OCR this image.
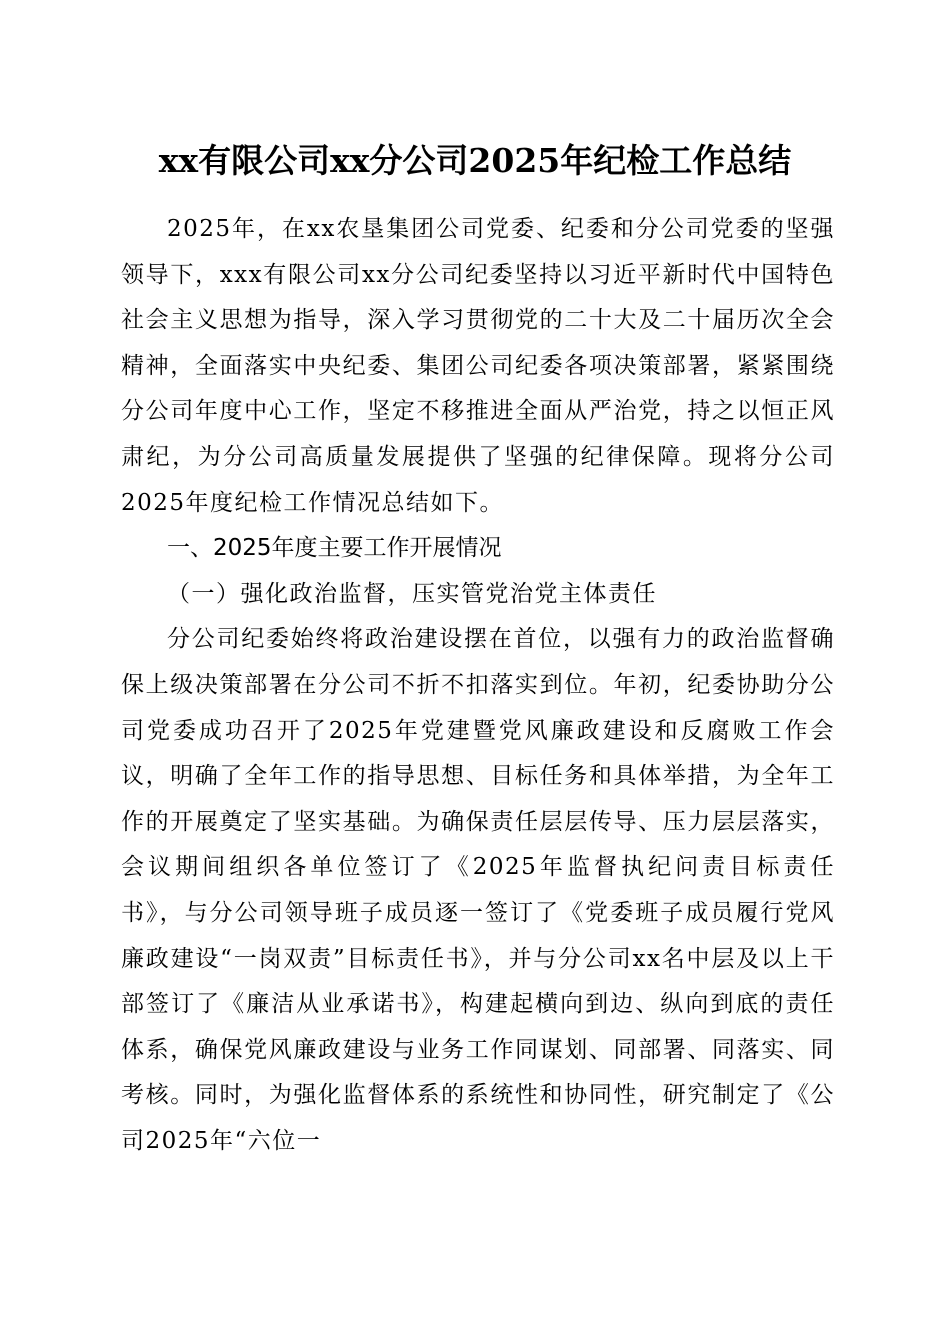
xx有限公司xx分公司2025年纪检工作总结

2025年，在xx农垦集团公司党委、纪委和分公司党委的坚强领导下，xxx有限公司xx分公司纪委坚持以习近平新时代中国特色社会主义思想为指导，深入学习贯彻党的二十大及二十届历次全会精神，全面落实中央纪委、集团公司纪委各项决策部署，紧紧围绕分公司年度中心工作，坚定不移推进全面从严治党，持之以恒正风肃纪，为分公司高质量发展提供了坚强的纪律保障。现将分公司2025年度纪检工作情况总结如下。

一、2025年度主要工作开展情况

（一）强化政治监督，压实管党治党主体责任

分公司纪委始终将政治建设摆在首位，以强有力的政治监督确保上级决策部署在分公司不折不扣落实到位。年初，纪委协助分公司党委成功召开了2025年党建暨党风廉政建设和反腐败工作会议，明确了全年工作的指导思想、目标任务和具体举措，为全年工作的开展奠定了坚实基础。为确保责任层层传导、压力层层落实，会议期间组织各单位签订了《2025年监督执纪问责目标责任书》，与分公司领导班子成员逐一签订了《党委班子成员履行党风廉政建设“一岗双责”目标责任书》，并与分公司xx名中层及以上干部签订了《廉洁从业承诺书》，构建起横向到边、纵向到底的责任体系，确保党风廉政建设与业务工作同谋划、同部署、同落实、同考核。同时，为强化监督体系的系统性和协同性，研究制定了《公司2025年“六位一
